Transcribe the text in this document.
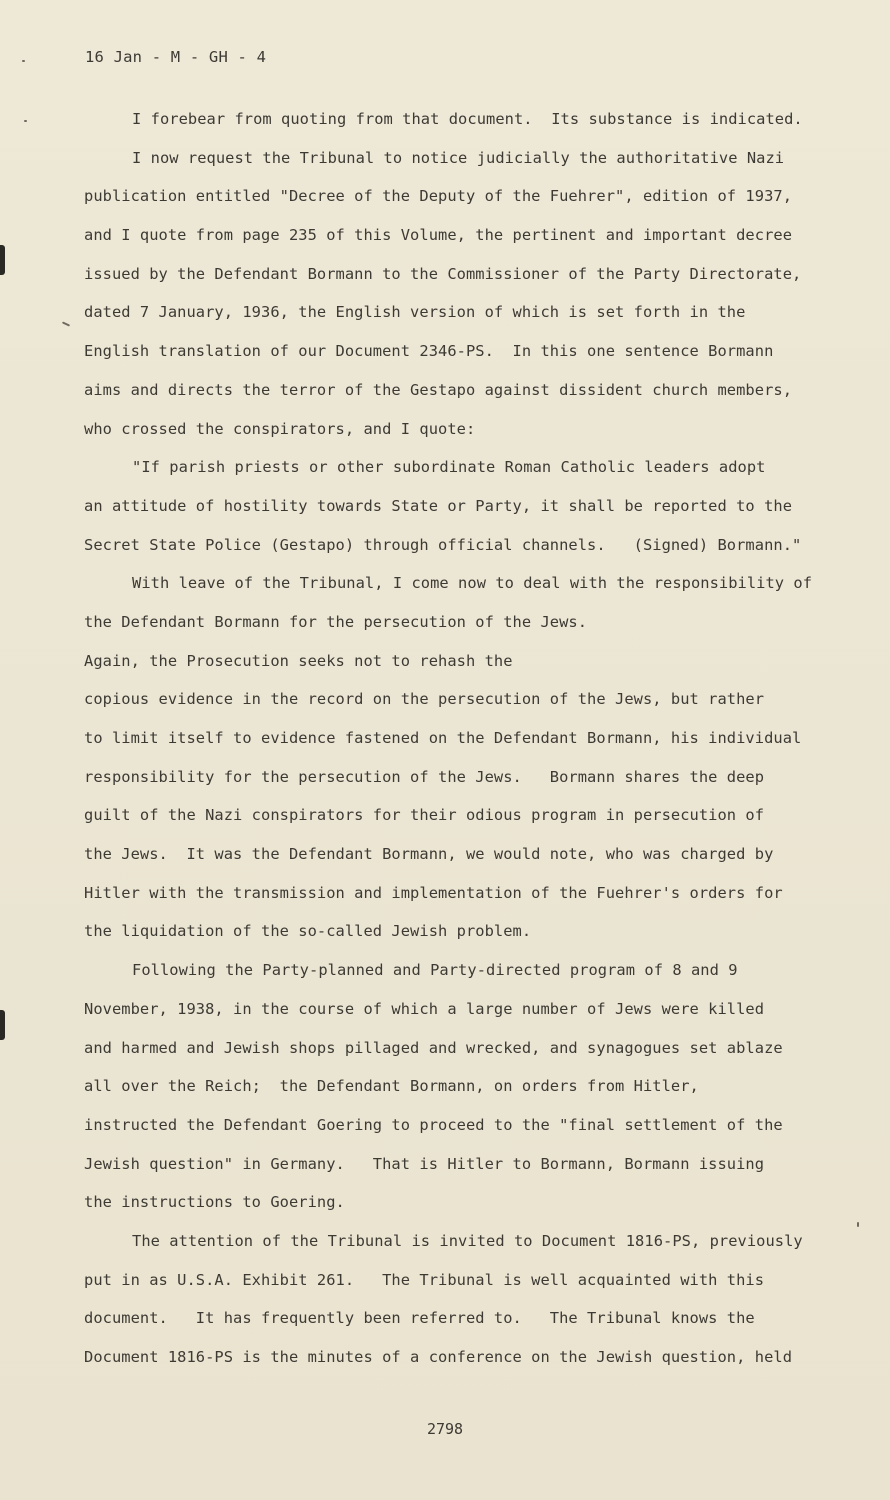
16 Jan - M - GH - 4
I forebear from quoting from that document.  Its substance is indicated.
I now request the Tribunal to notice judicially the authoritative Nazi
publication entitled "Decree of the Deputy of the Fuehrer", edition of 1937,
and I quote from page 235 of this Volume, the pertinent and important decree
issued by the Defendant Bormann to the Commissioner of the Party Directorate,
dated 7 January, 1936, the English version of which is set forth in the
English translation of our Document 2346-PS.  In this one sentence Bormann
aims and directs the terror of the Gestapo against dissident church members,
who crossed the conspirators, and I quote:
"If parish priests or other subordinate Roman Catholic leaders adopt
an attitude of hostility towards State or Party, it shall be reported to the
Secret State Police (Gestapo) through official channels.   (Signed) Bormann."
With leave of the Tribunal, I come now to deal with the responsibility of
the Defendant Bormann for the persecution of the Jews.
Again, the Prosecution seeks not to rehash the
copious evidence in the record on the persecution of the Jews, but rather
to limit itself to evidence fastened on the Defendant Bormann, his individual
responsibility for the persecution of the Jews.   Bormann shares the deep
guilt of the Nazi conspirators for their odious program in persecution of
the Jews.  It was the Defendant Bormann, we would note, who was charged by
Hitler with the transmission and implementation of the Fuehrer's orders for
the liquidation of the so-called Jewish problem.
Following the Party-planned and Party-directed program of 8 and 9
November, 1938, in the course of which a large number of Jews were killed
and harmed and Jewish shops pillaged and wrecked, and synagogues set ablaze
all over the Reich;  the Defendant Bormann, on orders from Hitler,
instructed the Defendant Goering to proceed to the "final settlement of the
Jewish question" in Germany.   That is Hitler to Bormann, Bormann issuing
the instructions to Goering.
The attention of the Tribunal is invited to Document 1816-PS, previously
put in as U.S.A. Exhibit 261.   The Tribunal is well acquainted with this
document.   It has frequently been referred to.   The Tribunal knows the
Document 1816-PS is the minutes of a conference on the Jewish question, held
2798
